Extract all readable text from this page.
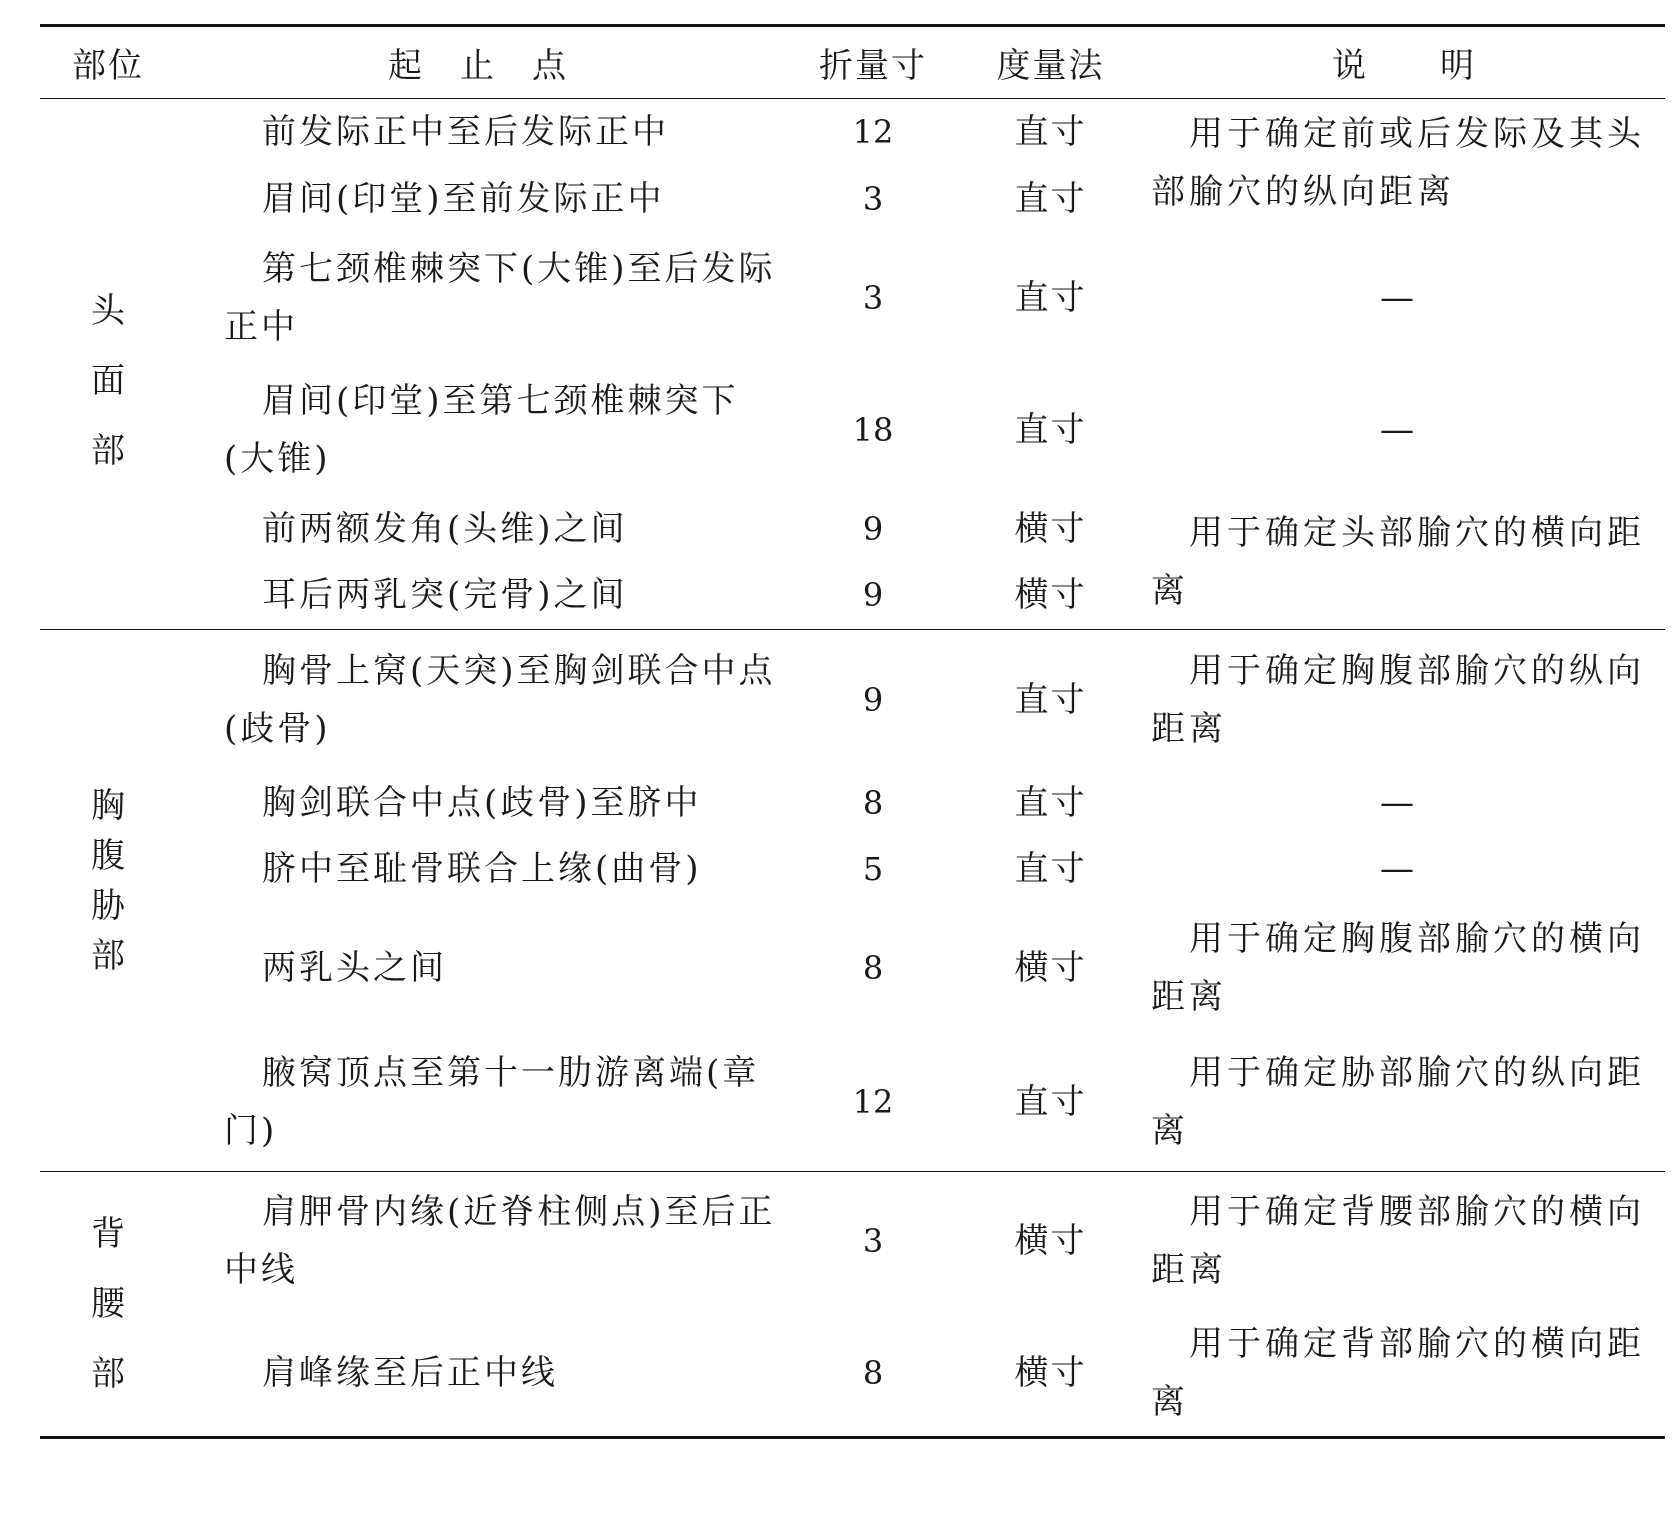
部位	起　止　点	折量寸	度量法	说　　明

头
面
部	前发际正中至后发际正中	12	直寸	用于确定前或后发际及其头部腧穴的纵向距离
	眉间(印堂)至前发际正中	3	直寸	
	第七颈椎棘突下(大锥)至后发际正中	3	直寸	—
	眉间(印堂)至第七颈椎棘突下(大锥)	18	直寸	—
	前两额发角(头维)之间	9	横寸	用于确定头部腧穴的横向距离
	耳后两乳突(完骨)之间	9	横寸	

胸
腹
胁
部	胸骨上窝(天突)至胸剑联合中点(歧骨)	9	直寸	用于确定胸腹部腧穴的纵向距离
	胸剑联合中点(歧骨)至脐中	8	直寸	—
	脐中至耻骨联合上缘(曲骨)	5	直寸	—
	两乳头之间	8	横寸	用于确定胸腹部腧穴的横向距离
	腋窝顶点至第十一肋游离端(章门)	12	直寸	用于确定胁部腧穴的纵向距离

背
腰
部	肩胛骨内缘(近脊柱侧点)至后正中线	3	横寸	用于确定背腰部腧穴的横向距离
	肩峰缘至后正中线	8	横寸	用于确定背部腧穴的横向距离
